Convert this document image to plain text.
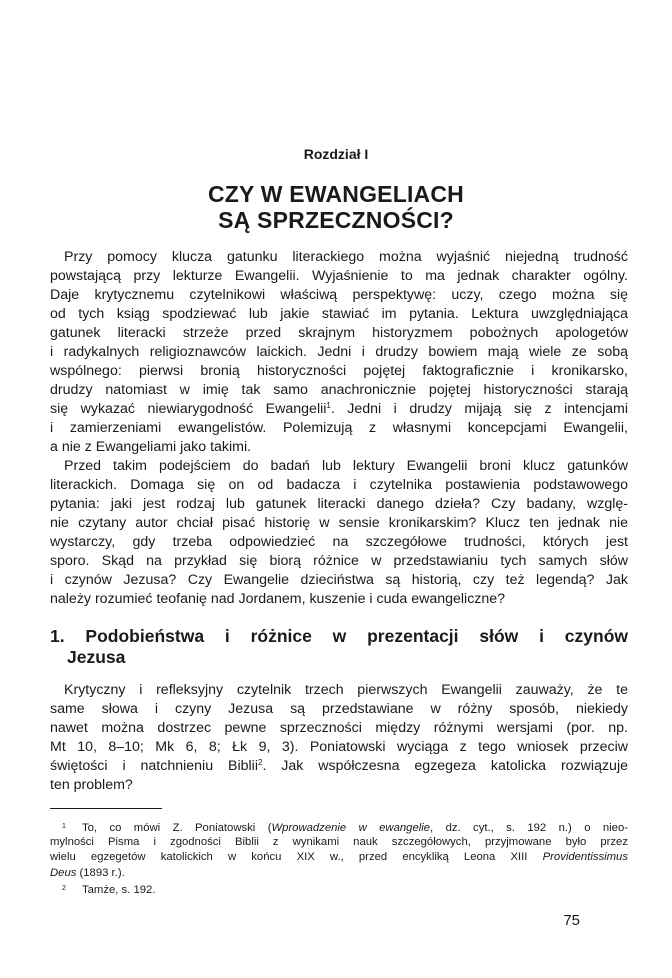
Rozdział I
CZY W EWANGELIACH
SĄ SPRZECZNOŚCI?
Przy pomocy klucza gatunku literackiego można wyjaśnić niejedną trudność
powstającą przy lekturze Ewangelii. Wyjaśnienie to ma jednak charakter ogólny.
Daje krytycznemu czytelnikowi właściwą perspektywę: uczy, czego można się
od tych ksiąg spodziewać lub jakie stawiać im pytania. Lektura uwzględniająca
gatunek literacki strzeże przed skrajnym historyzmem pobożnych apologetów
i radykalnych religioznawców laickich. Jedni i drudzy bowiem mają wiele ze sobą
wspólnego: pierwsi bronią historyczności pojętej faktograficznie i kronikarsko,
drudzy natomiast w imię tak samo anachronicznie pojętej historyczności starają
się wykazać niewiarygodność Ewangelii$^1$. Jedni i drudzy mijają się z intencjami
i zamierzeniami ewangelistów. Polemizują z własnymi koncepcjami Ewangelii,
a nie z Ewangeliami jako takimi.
Przed takim podejściem do badań lub lektury Ewangelii broni klucz gatunków
literackich. Domaga się on od badacza i czytelnika postawienia podstawowego
pytania: jaki jest rodzaj lub gatunek literacki danego dzieła? Czy badany, wzglę-
nie czytany autor chciał pisać historię w sensie kronikarskim? Klucz ten jednak nie
wystarczy, gdy trzeba odpowiedzieć na szczegółowe trudności, których jest
sporo. Skąd na przykład się biorą różnice w przedstawianiu tych samych słów
i czynów Jezusa? Czy Ewangelie dzieciństwa są historią, czy też legendą? Jak
należy rozumieć teofanię nad Jordanem, kuszenie i cuda ewangeliczne?
1. Podobieństwa i różnice w prezentacji słów i czynów
Jezusa
Krytyczny i refleksyjny czytelnik trzech pierwszych Ewangelii zauważy, że te
same słowa i czyny Jezusa są przedstawiane w różny sposób, niekiedy
nawet można dostrzec pewne sprzeczności między różnymi wersjami (por. np.
Mt 10, 8–10; Mk 6, 8; Łk 9, 3). Poniatowski wyciąga z tego wniosek przeciw
świętości i natchnieniu Biblii$^2$. Jak współczesna egzegeza katolicka rozwiązuje
ten problem?
1 To, co mówi Z. Poniatowski (Wprowadzenie w ewangelie, dz. cyt., s. 192 n.) o nieo-
mylności Pisma i zgodności Biblii z wynikami nauk szczegółowych, przyjmowane było przez
wielu egzegetów katolickich w końcu XIX w., przed encykliką Leona XIII Providentissimus
Deus (1893 r.).
2 Tamże, s. 192.
75
